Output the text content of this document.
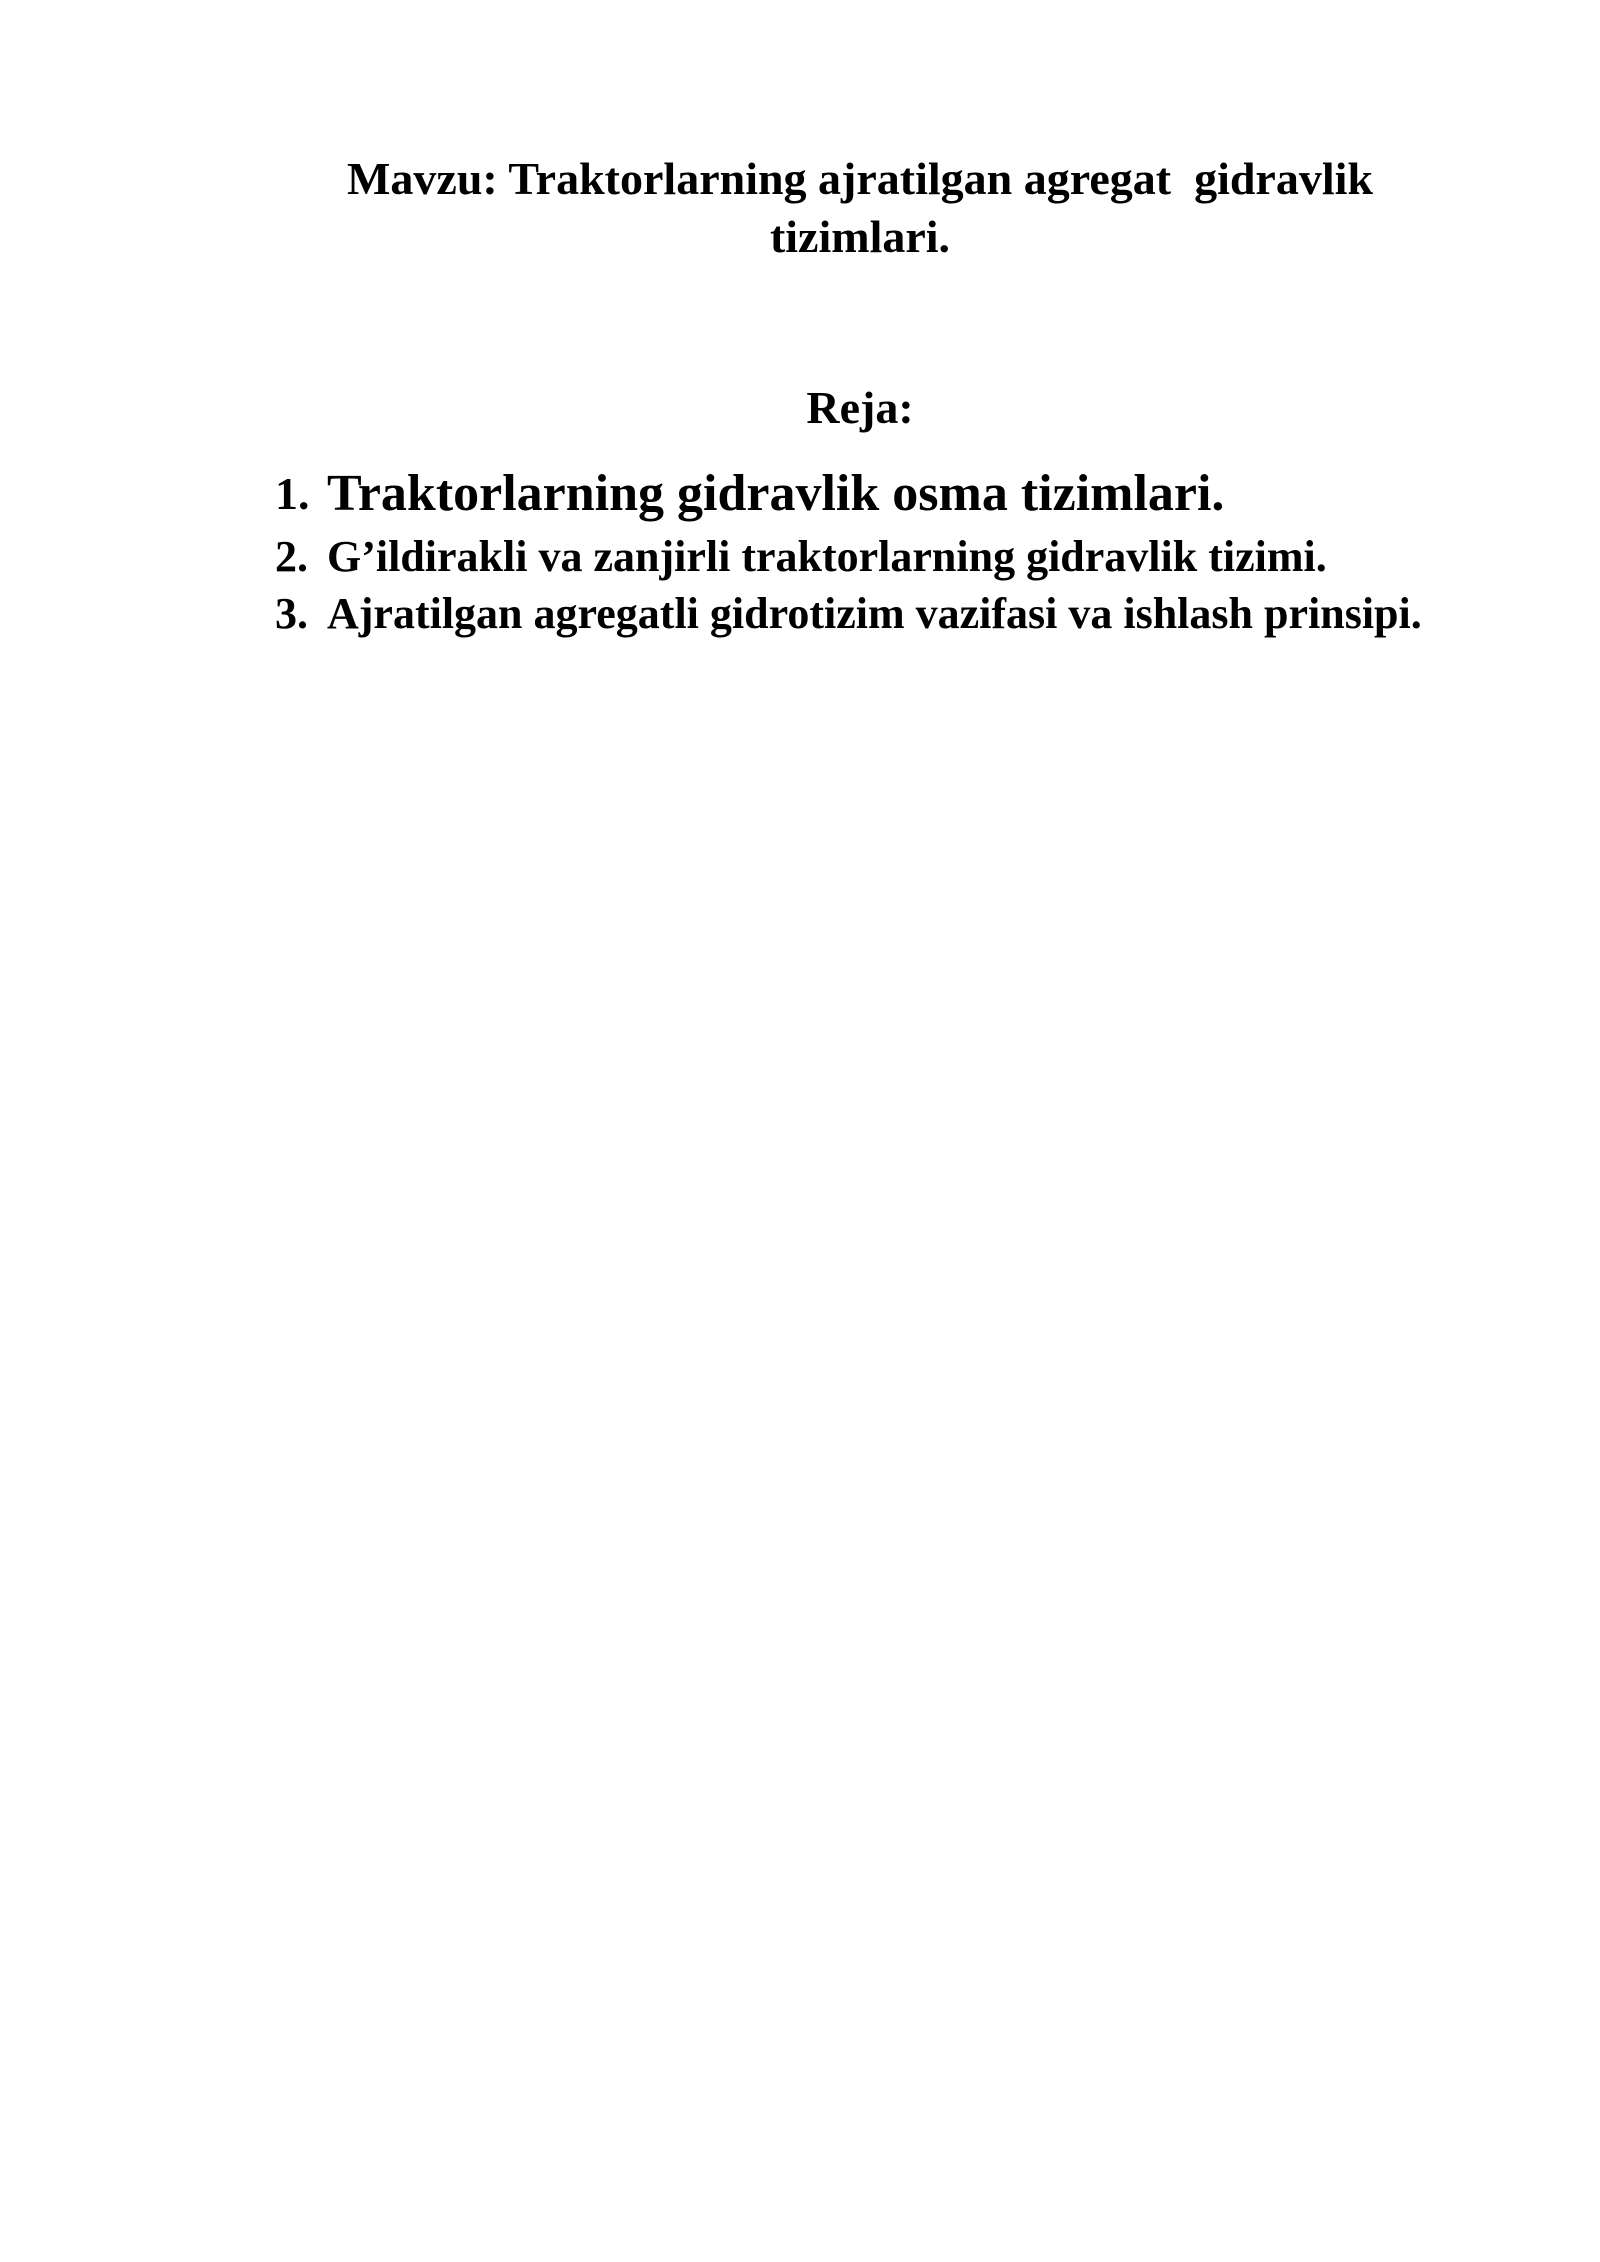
Mavzu: Traktorlarning ajratilgan agregat  gidravlik
tizimlari.
Reja:
1. Traktorlarning gidravlik osma tizimlari.
2. G’ildirakli va zanjirli traktorlarning gidravlik tizimi.
3. Ajratilgan agregatli gidrotizim vazifasi va ishlash prinsipi.
